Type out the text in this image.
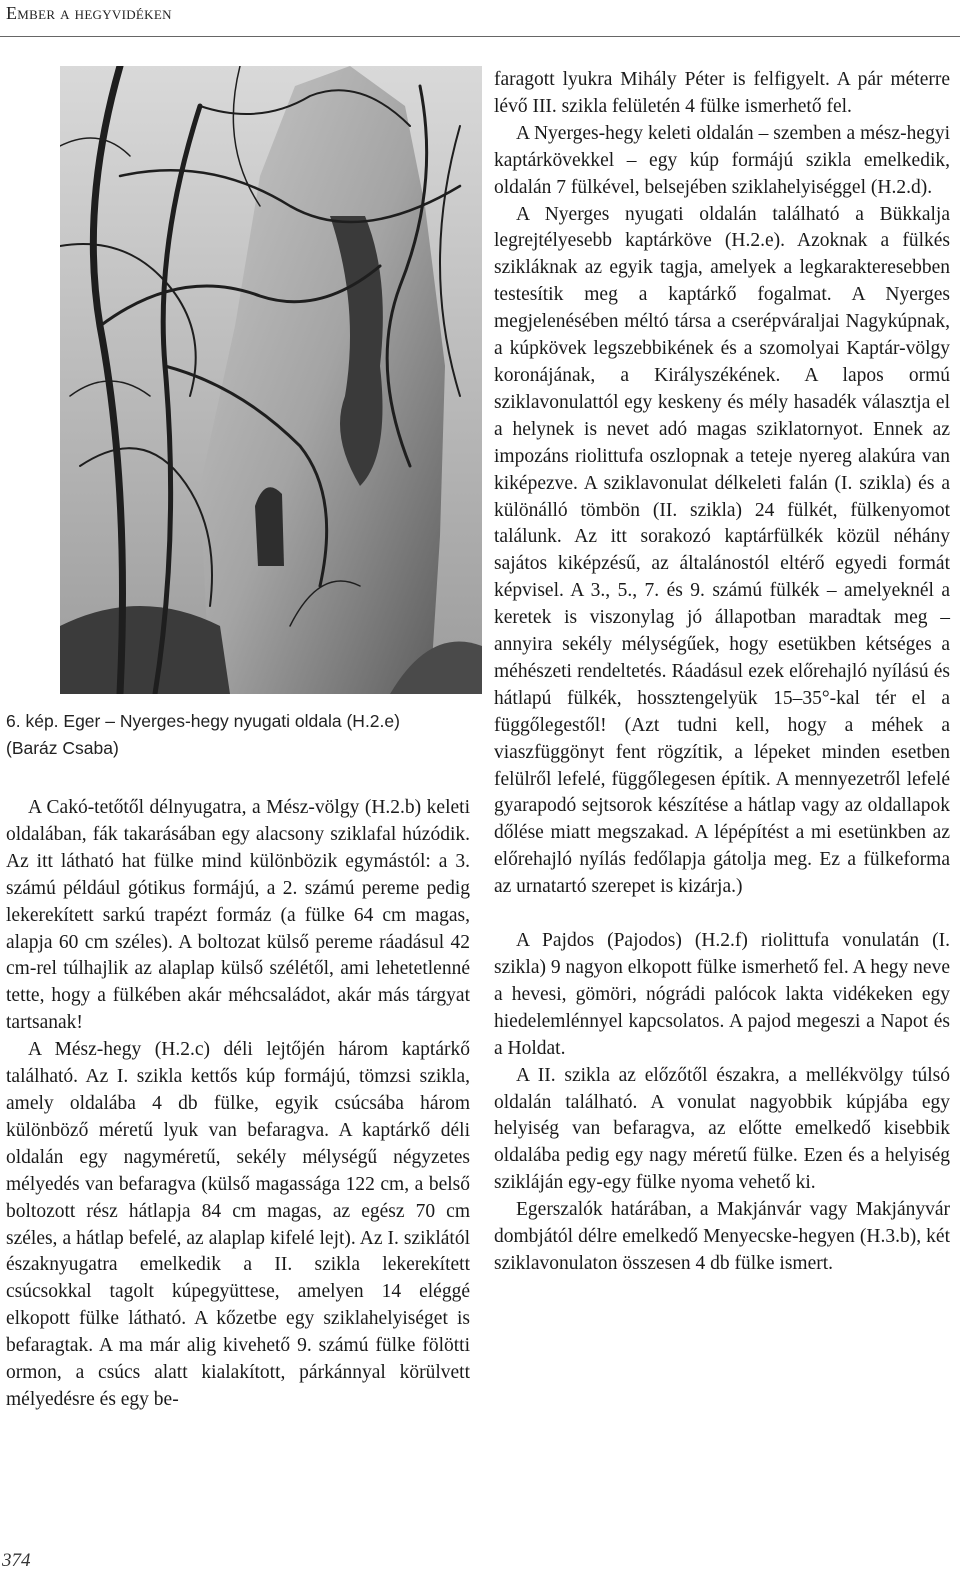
Ember a hegyvidéken
6. kép. Eger – Nyerges-hegy nyugati oldala (H.2.e)
(Baráz Csaba)

A Cakó-tetőtől délnyugatra, a Mész-völgy (H.2.b) keleti oldalában, fák takarásában egy alacsony sziklafal húzódik. Az itt látható hat fülke mind különbözik egymástól: a 3. számú például gótikus formájú, a 2. számú pereme pedig lekerekített sarkú trapézt formáz (a fülke 64 cm magas, alapja 60 cm széles). A boltozat külső pereme ráadásul 42 cm-rel túlhajlik az alaplap külső szélétől, ami lehetetlenné tette, hogy a fülkében akár méhcsaládot, akár más tárgyat tartsanak!

A Mész-hegy (H.2.c) déli lejtőjén három kaptárkő található. Az I. szikla kettős kúp formájú, tömzsi szikla, amely oldalába 4 db fülke, egyik csúcsába három különböző méretű lyuk van befaragva. A kaptárkő déli oldalán egy nagyméretű, sekély mélységű négyzetes mélyedés van befaragva (külső magassága 122 cm, a belső boltozott rész hátlapja 84 cm magas, az egész 70 cm széles, a hátlap befelé, az alaplap kifelé lejt). Az I. sziklától északnyugatra emelkedik a II. szikla lekerekített csúcsokkal tagolt kúpegyüttese, amelyen 14 eléggé elkopott fülke látható. A kőzetbe egy sziklahelyiséget is befaragtak. A ma már alig kivehető 9. számú fülke fölötti ormon, a csúcs alatt kialakított, párkánnyal körülvett mélyedésre és egy be-

faragott lyukra Mihály Péter is felfigyelt. A pár méterre lévő III. szikla felületén 4 fülke ismerhető fel.

A Nyerges-hegy keleti oldalán – szemben a mész-hegyi kaptárkövekkel – egy kúp formájú szikla emelkedik, oldalán 7 fülkével, belsejében sziklahelyiséggel (H.2.d).

A Nyerges nyugati oldalán található a Bükkalja legrejtélyesebb kaptárköve (H.2.e). Azoknak a fülkés szikláknak az egyik tagja, amelyek a legkarakteresebben testesítik meg a kaptárkő fogalmat. A Nyerges megjelenésében méltó társa a cserépváraljai Nagykúpnak, a kúpkövek legszebbikének és a szomolyai Kaptár-völgy koronájának, a Királyszékének. A lapos ormú sziklavonulattól egy keskeny és mély hasadék választja el a helynek is nevet adó magas sziklatornyot. Ennek az impozáns riolittufa oszlopnak a teteje nyereg alakúra van kiképezve. A sziklavonulat délkeleti falán (I. szikla) és a különálló tömbön (II. szikla) 24 fülkét, fülkenyomot találunk. Az itt sorakozó kaptárfülkék közül néhány sajátos kiképzésű, az általánostól eltérő egyedi formát képvisel. A 3., 5., 7. és 9. számú fülkék – amelyeknél a keretek is viszonylag jó állapotban maradtak meg – annyira sekély mélységűek, hogy esetükben kétséges a méhészeti rendeltetés. Ráadásul ezek előrehajló nyílású és hátlapú fülkék, hossztengelyük 15–35°-kal tér el a függőlegestől! (Azt tudni kell, hogy a méhek a viaszfüggönyt fent rögzítik, a lépeket minden esetben felülről lefelé, függőlegesen építik. A mennyezetről lefelé gyarapodó sejtsorok készítése a hátlap vagy az oldallapok dőlése miatt megszakad. A lépépítést a mi esetünkben az előrehajló nyílás fedőlapja gátolja meg. Ez a fülkeforma az urnatartó szerepet is kizárja.)

A Pajdos (Pajodos) (H.2.f) riolittufa vonulatán (I. szikla) 9 nagyon elkopott fülke ismerhető fel. A hegy neve a hevesi, gömöri, nógrádi palócok lakta vidékeken egy hiedelemlénnyel kapcsolatos. A pajod megeszi a Napot és a Holdat.

A II. szikla az előzőtől északra, a mellékvölgy túlsó oldalán található. A vonulat nagyobbik kúpjába egy helyiség van befaragva, az előtte emelkedő kisebbik oldalába pedig egy nagy méretű fülke. Ezen és a helyiség szikláján egy-egy fülke nyoma vehető ki.

Egerszalók határában, a Makjánvár vagy Makjányvár dombjától délre emelkedő Menyecske-hegyen (H.3.b), két sziklavonulaton összesen 4 db fülke ismert.

374
